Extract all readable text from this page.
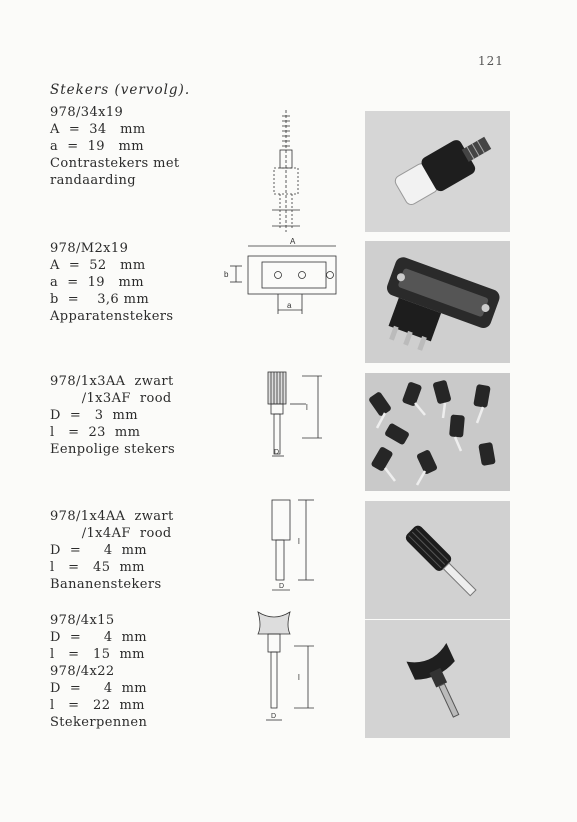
121
Stekers (vervolg).
978/34x19
A  =  34   mm
a  =  19   mm
Contrastekers met
randaarding
978/M2x19
A  =  52   mm
a  =  19   mm
b  =    3,6 mm
Apparatenstekers
A
b
a
978/1x3AA  zwart
/1x3AF  rood
D  =   3  mm
l   =  23  mm
Eenpolige stekers	D
l
978/1x4AA  zwart
/1x4AF  rood
D  =     4  mm
l   =   45  mm
Bananenstekers	D
l
978/4x15
D  =     4  mm
l   =   15  mm
978/4x22
D  =     4  mm
l   =   22  mm
Stekerpennen	D
l
